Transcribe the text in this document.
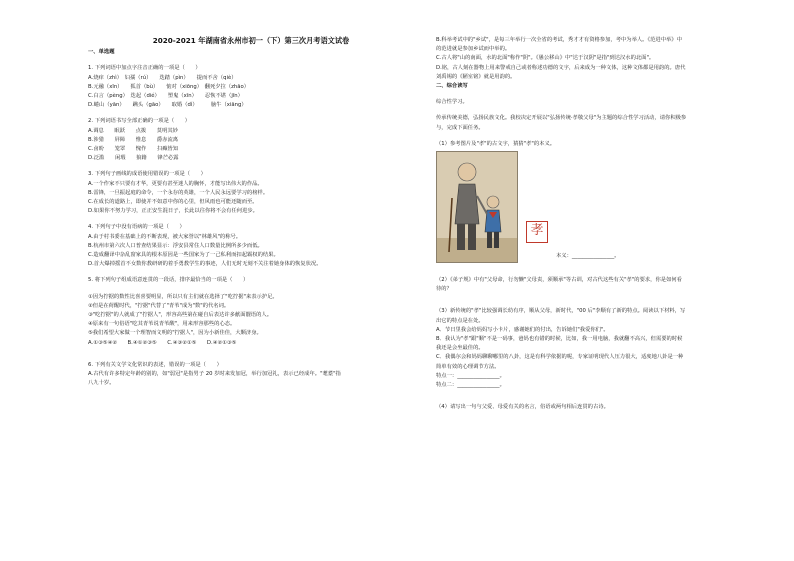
2020-2021 年湖南省永州市初一（下）第三次月考语文试卷

一、单选题

1. 下列词语中加点字注音正确的一项是（　　）

A.烧痒（zhì）　妇孺（rú）　　迭踏（pìn）　　提而不舍（qiè）

B.元融（xīn）　　狐首（bù）　　惦对（xiōng）　翻死夕拉（zhāo）

C.白言（pèng）　迭起（dié）　　塑鬼（xīn）　　忍恢不堪（jīn）

D.蜷山（yān）　　蹒头（gāo）　　取婚（dì）　　　脑牛（xiāng）

2. 下列词语书写全部正确的一项是（　　）

A.调息　　眠跃　　点拨　　莫明其妙

B.涉猎　　屏障　　惟息　　爵赤流离

C.卤盼　　笼罩　　愧作　　扫癫皆知

D.泛滥　　闲瑕　　狼籍　　锋芒必露

3. 下列句子画线的成语使用错误的一项是（　　）

A.一个作家不只要有才华，更要有甚至迷人的胸怀，才能写出伟大的作品。

B.雷锋，一旦振起庭的命令，一个永存的英雄，一个人民永远要学习的榜样。

C.在成长的道路上，即使并不如意中你的心里，但风雨也可能还随而至。

D.如果你不努力学习，正正安生混日子，长此以往你将不会有任何进步。

4. 下列句子中没有语病的一项是（　　）

A.由于村书委在基础上的不断表现，被大家誉以"林雄风"的称号。

B.杭州市第六次人口普查结果显示：浮安县常住人口数量比例所多少而低。

C.造成翻译中杂乱窗家具的根本原因是一些国家为了一己私利而扣起霸权的结果。

D.首大爆掉摇首不女数你教研研的着手勇教学生的事迹，人们无时无刻不关注着她身体的恢复状况。

5. 将下列句子组成语意连贯的一段话，排序最恰当的一项是（　　）

①因为拧据的数性比喜喜要明显，所以只有主们就在选择了"吃拧据"来表示护足。

②但是在荷醒时代，"拧据"代替了"青苇"成为"数"的代名词。

③"吃拧据"的人就成了"拧据人"，形容高些第在碰自后表达许多献面靓语的人。

④原来有一句俗语"吃其青苇说青苇酸"，用来形容那些的心态。

⑤我们希望大家做一个理智而文明的"拧据人"，因为小新佳佳，大颗济身。

A.①③⑤④②　　B.④①②③⑤　　C.④③②①⑤　　D.④②①③⑤

6. 下列有关文学文化常识的表述，错误的一项是（　　）

A.古代有许多特定年龄的别的，如"弱冠"是指男子 20 岁时来发加冠，举行加冠礼，表示已经成年。"耄耋"指

八九十岁。

B.科举考试中的"乡试"，是每三年举行一次全省的考试，秀才才有资格参加，考中为举人。《范进中举》中

的范进就是参加乡试而中举的。

C.古人将"山的南面，水的北面"称作"阴"。《愚公移山》中"达于汉阴"是指"到达汉水的北面"。

D.铭，古人刻在器物上用来警戒自己或者称述功德的文字，后来成为一种文体，这种文体都是用韵的。唐代

刘禹锡的《陋室铭》就是用韵的。

二、综合读写

综合性学习。

传承传统美德，弘扬民族文化。我校决定开展以"弘扬传统·孝敬父母"为主题的综合性学习活动，请你积极参

与，完成下面任务。

（1）参考图片及"孝"的古文字，猜猜"孝"的本义。

孝
本义：________________。

（2）《弟子规》中有"父母命，行勿懒"父母责，须顺承"等古训，对古代这些有关"孝"的要求，你是如何看

待的？

（3）新传统的"孝"比较强调长幼有序，顺从父母，新时代，"00 后"李顺有了新的特点。阅读以下材料，写

出它的特点是在处。

A．节日里我会给妈妈写小卡片，感谢她们的付出，告诉她们"我爱你们"。

B．我认为"孝"跟"顺"不是一码事，爸妈也有错的时候，比如，我一用电脑，我就翻不高兴，但需要的时候

我还是会坐最佳的。

C．我偶尔会和妈妈聊聊哪里的八卦，这是有科学依据的呢，专家证明现代人压力很大，适度地八卦是一种

简单有效的心理调节方法。

特点一：________________。

特点二：________________。

（4）请写出一句与父爱、母爱有关的名言，俗语或两句相后连贯的古诗。
